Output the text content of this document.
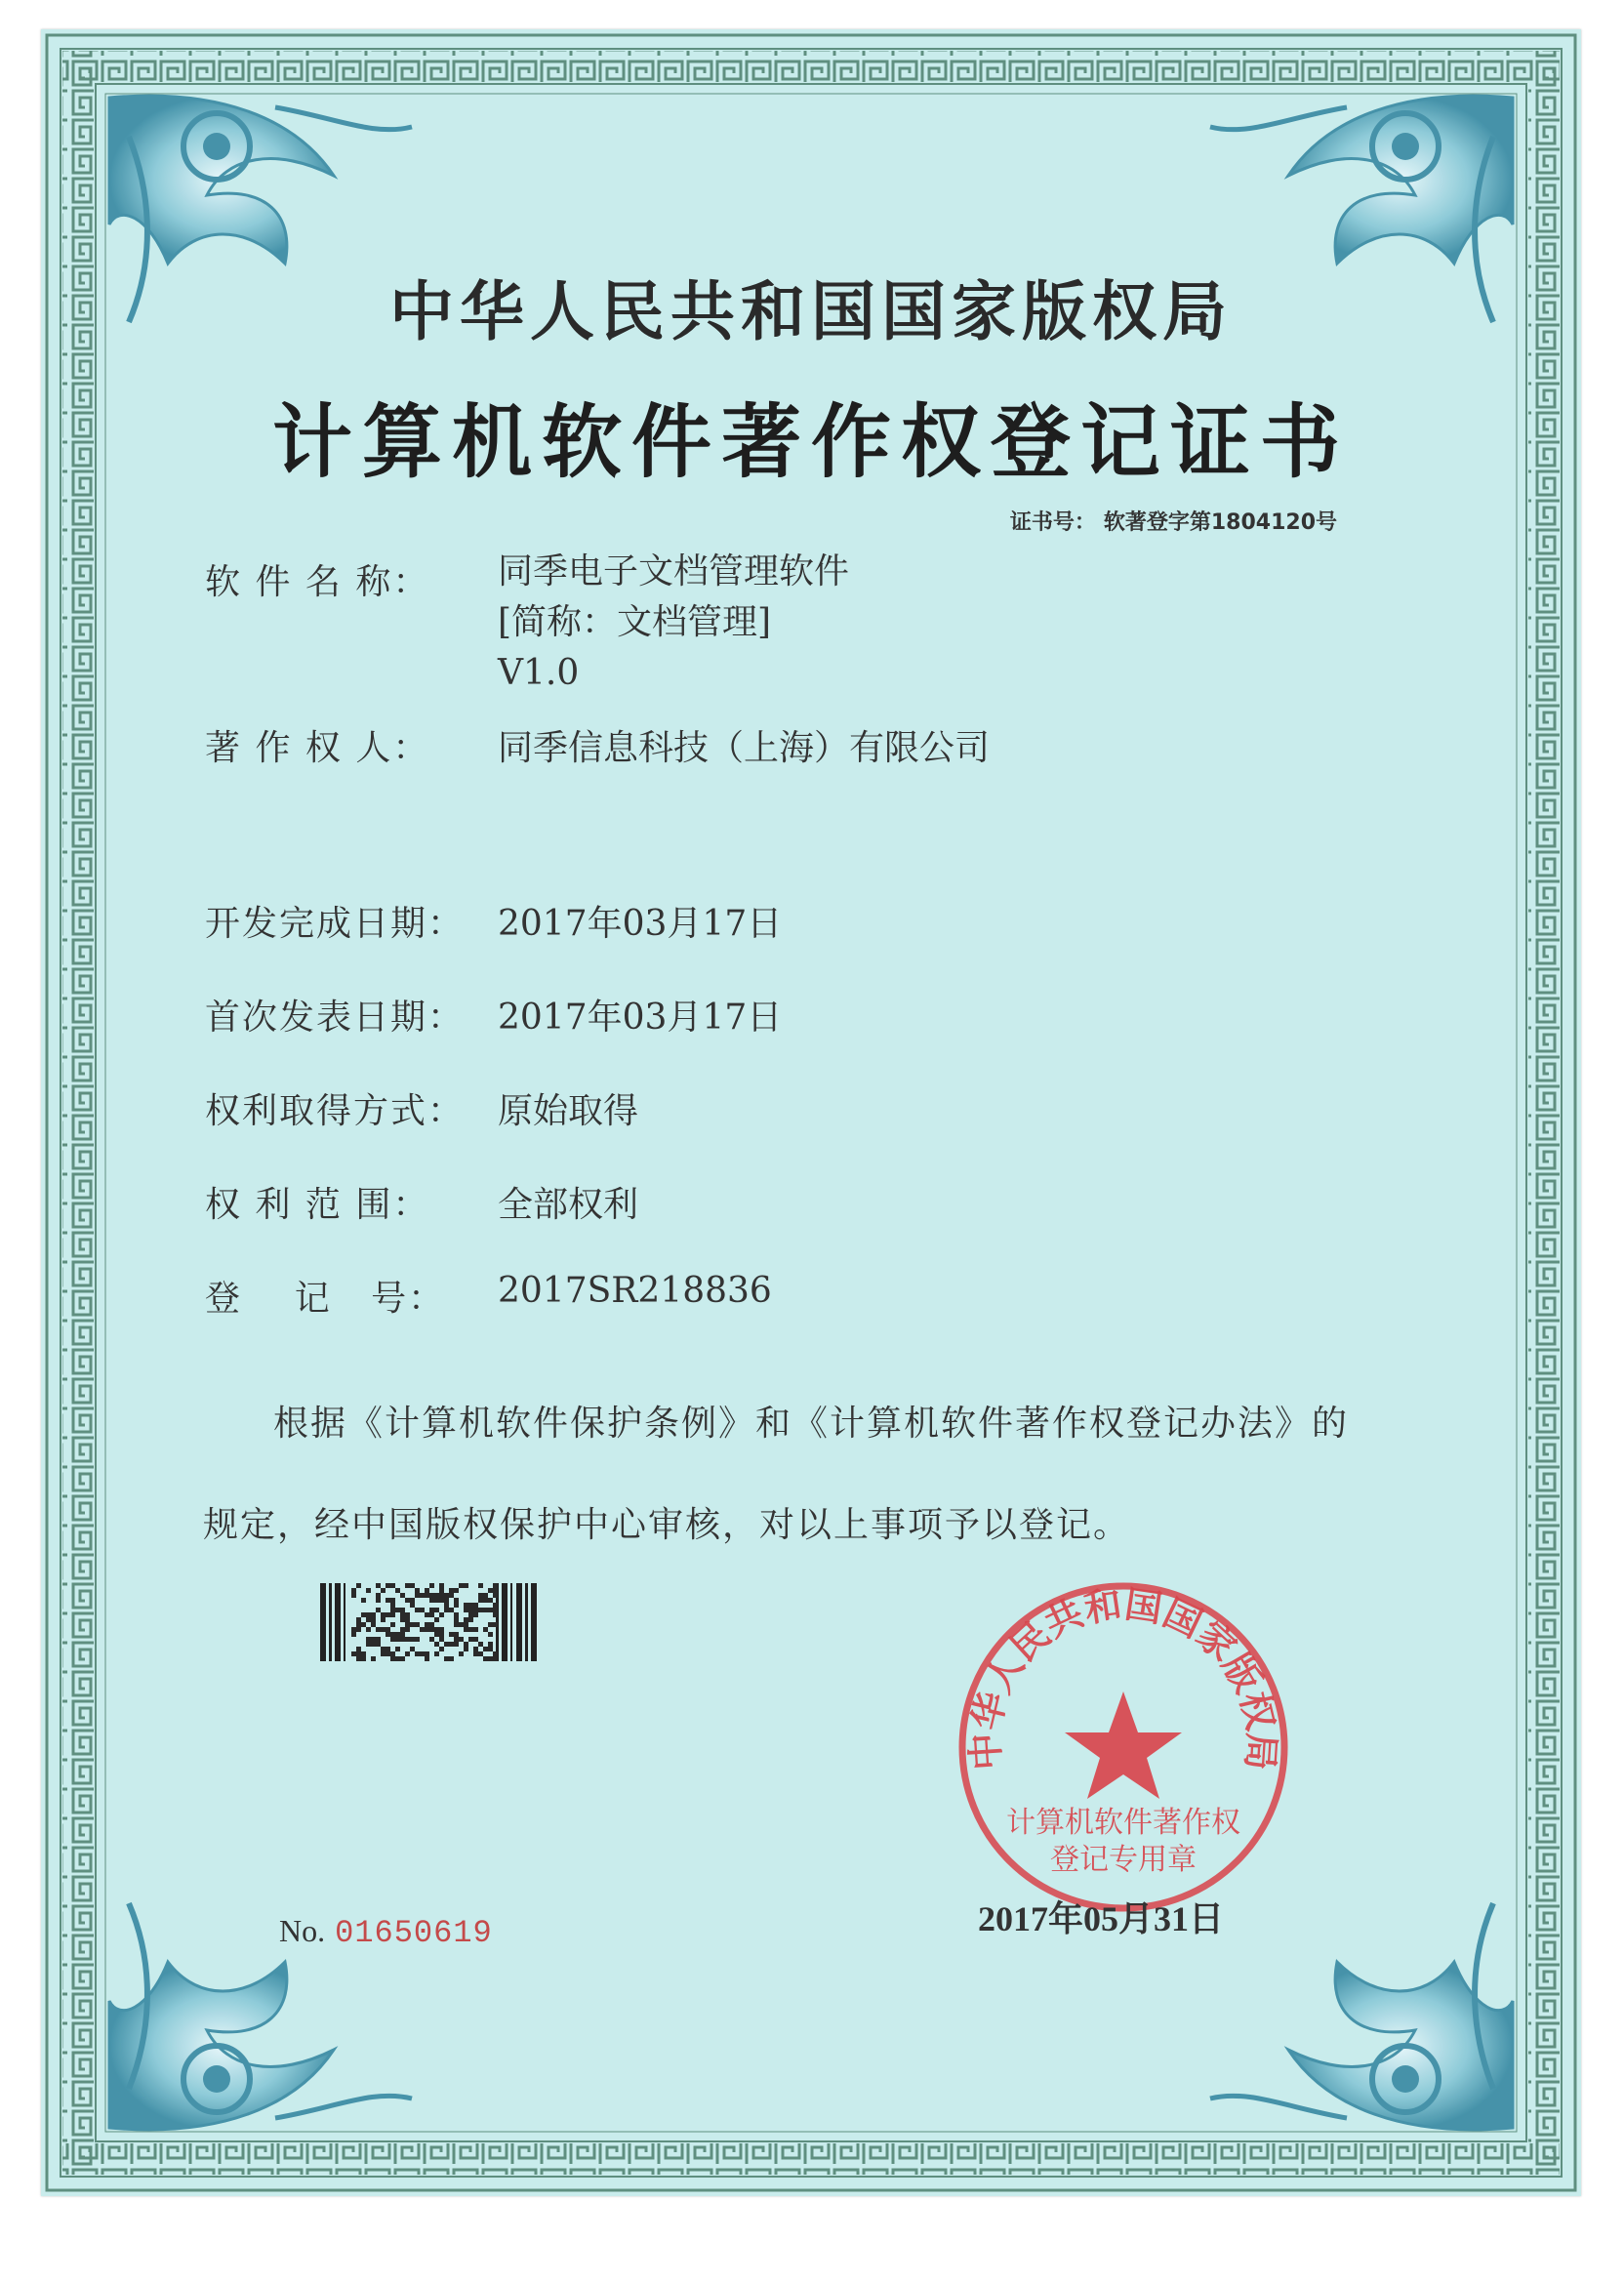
中华人民共和国国家版权局
计算机软件著作权登记证书
证书号： 软著登字第1804120号
软 件 名 称： 同季电子文档管理软件
[简称：文档管理]
V1.0
著 作 权 人： 同季信息科技（上海）有限公司
开发完成日期： 2017年03月17日
首次发表日期： 2017年03月17日
权利取得方式： 原始取得
权 利 范 围： 全部权利
登    记   号： 2017SR218836
根据《计算机软件保护条例》和《计算机软件著作权登记办法》的
规定，经中国版权保护中心审核，对以上事项予以登记。
No. 01650619
中华人民共和国国家版权局
计算机软件著作权
登记专用章
2017年05月31日
